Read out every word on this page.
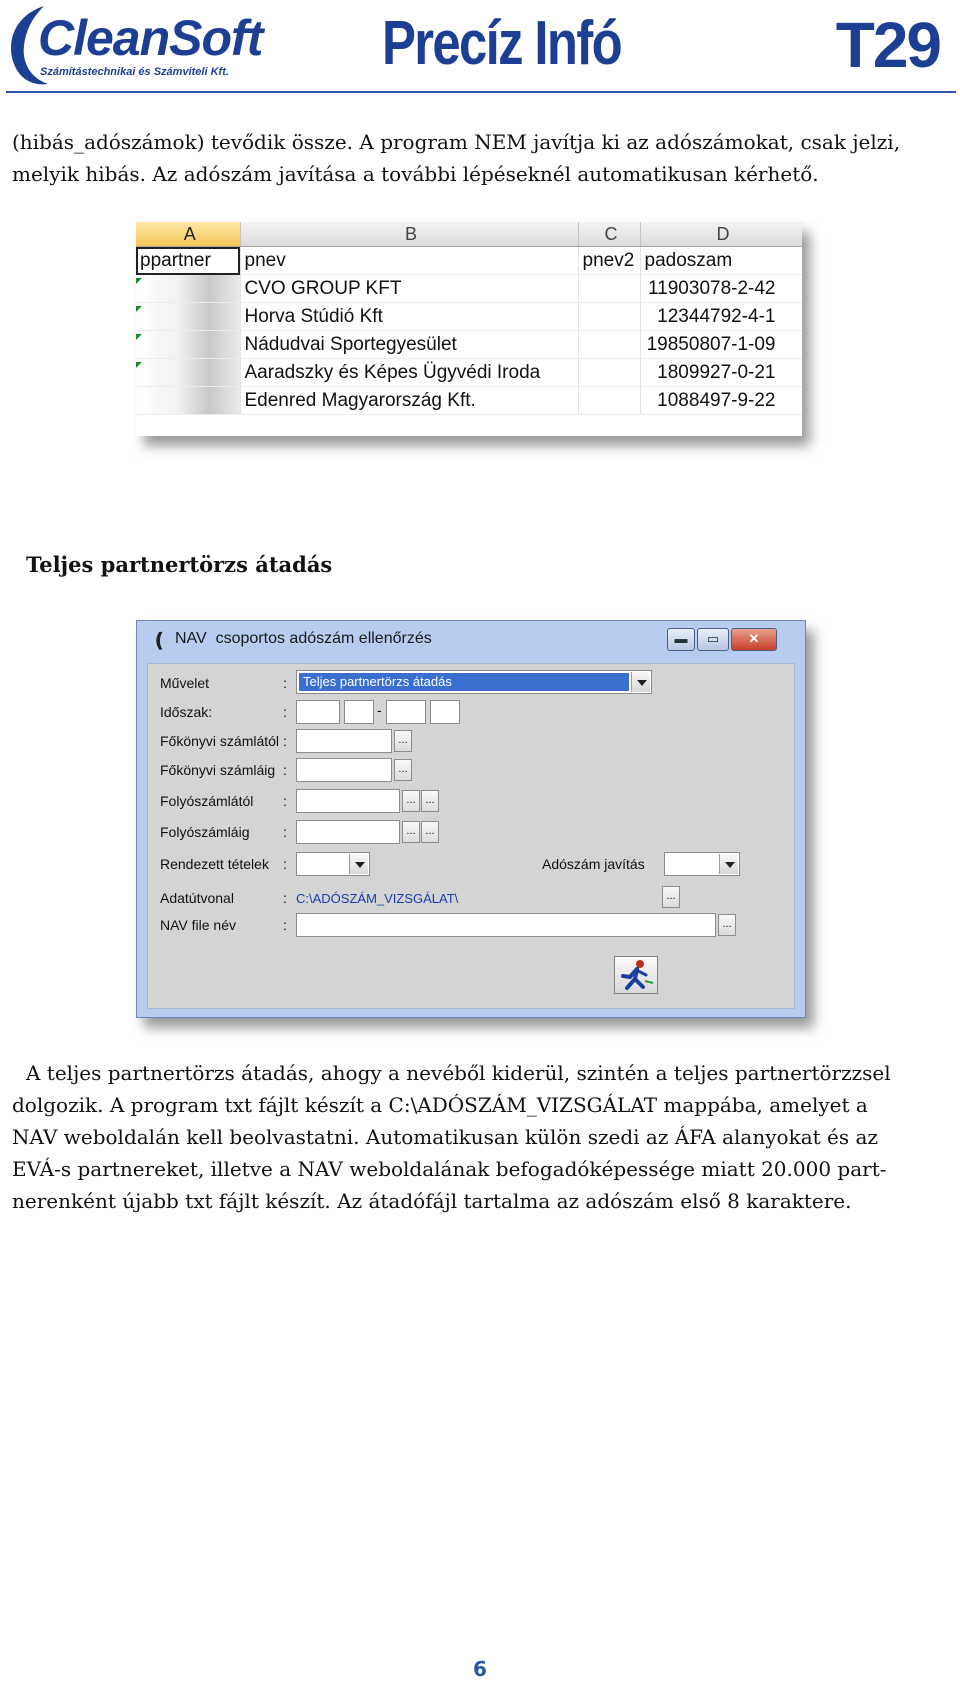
CleanSoft
Számítástechnikai és Számviteli Kft. Precíz Infó	T29

(hibás_adószámok) tevődik össze. A program NEM javítja ki az adószámokat, csak jelzi,

melyik hibás. Az adószám javítása a további lépéseknél automatikusan kérhető.

A	B	C	D
ppartner	pnev	pnev2	padoszam
	CVO GROUP KFT		11903078-2-42
	Horva Stúdió Kft		12344792-4-1
	Nádudvai Sportegyesület		19850807-1-09
	Aaradszky és Képes Ügyvédi Iroda		1809927-0-21
	Edenred Magyarország Kft.		1088497-9-22
Teljes partnertörzs átadás
❪ NAV csoportos adószám ellenőrzés	▬	▭	✕
Művelet	:	Teljes partnertörzs átadás
Időszak:	:	-
Főkönyvi számlától :	...
Főkönyvi számláig :	...
Folyószámlától :	... ...
Folyószámláig :	... ...
Rendezett tételek :	Adószám javítás
Adatútvonal	: C:\ADÓSZÁM_VIZSGÁLAT\	...
NAV file név	:	...

A teljes partnertörzs átadás, ahogy a nevéből kiderül, szintén a teljes partnertörzzsel

dolgozik. A program txt fájlt készít a C:\ADÓSZÁM_VIZSGÁLAT mappába, amelyet a

NAV weboldalán kell beolvastatni. Automatikusan külön szedi az ÁFA alanyokat és az

EVÁ-s partnereket, illetve a NAV weboldalának befogadóképessége miatt 20.000 part-

nerenként újabb txt fájlt készít. Az átadófájl tartalma az adószám első 8 karaktere.

6
